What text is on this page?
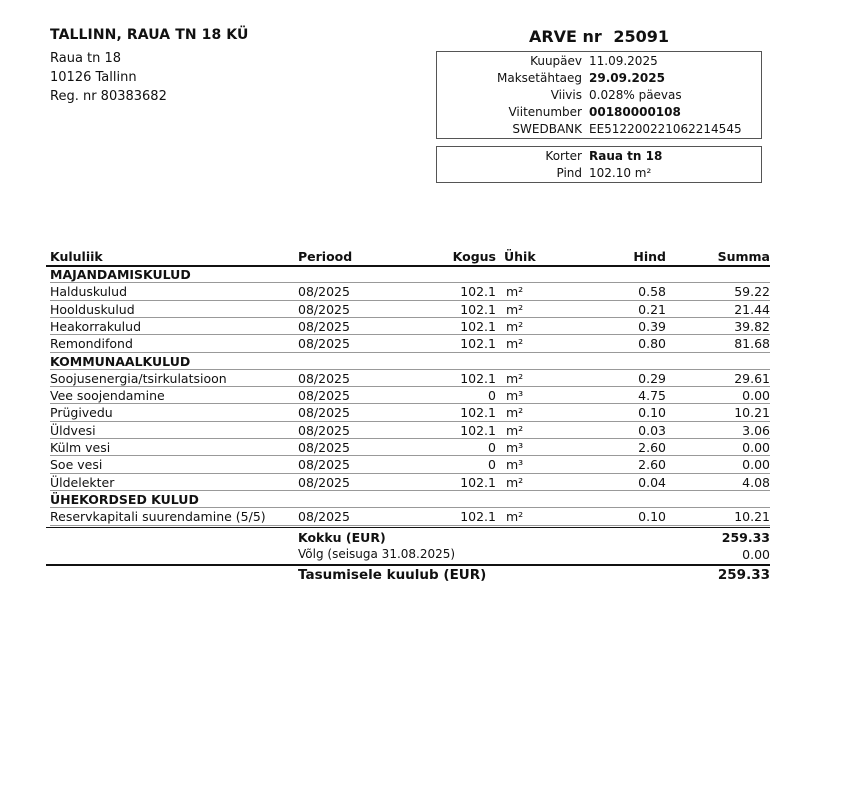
TALLINN, RAUA TN 18 KÜ
Raua tn 18
10126 Tallinn
Reg. nr 80383682
ARVE nr 25091
Kuupäev 11.09.2025
Maksetähtaeg 29.09.2025
Viivis 0.028% päevas
Viitenumber 00180000108
SWEDBANK EE512200221062214545
Korter Raua tn 18
Pind 102.10 m²
Kululiik	Periood	Kogus Ühik	Hind	Summa
MAJANDAMISKULUD
Halduskulud	08/2025	102.1 m²	0.58	59.22
Hoolduskulud	08/2025	102.1 m²	0.21	21.44
Heakorrakulud	08/2025	102.1 m²	0.39	39.82
Remondifond	08/2025	102.1 m²	0.80	81.68
KOMMUNAALKULUD
Soojusenergia/tsirkulatsioon	08/2025	102.1 m²	0.29	29.61
Vee soojendamine	08/2025	0 m³	4.75	0.00
Prügivedu	08/2025	102.1 m²	0.10	10.21
Üldvesi	08/2025	102.1 m²	0.03	3.06
Külm vesi	08/2025	0 m³	2.60	0.00
Soe vesi	08/2025	0 m³	2.60	0.00
Üldelekter	08/2025	102.1 m²	0.04	4.08
ÜHEKORDSED KULUD
Reservkapitali suurendamine (5/5)	08/2025	102.1 m²	0.10	10.21
Kokku (EUR)	259.33
Võlg (seisuga 31.08.2025)	0.00
Tasumisele kuulub (EUR)	259.33
